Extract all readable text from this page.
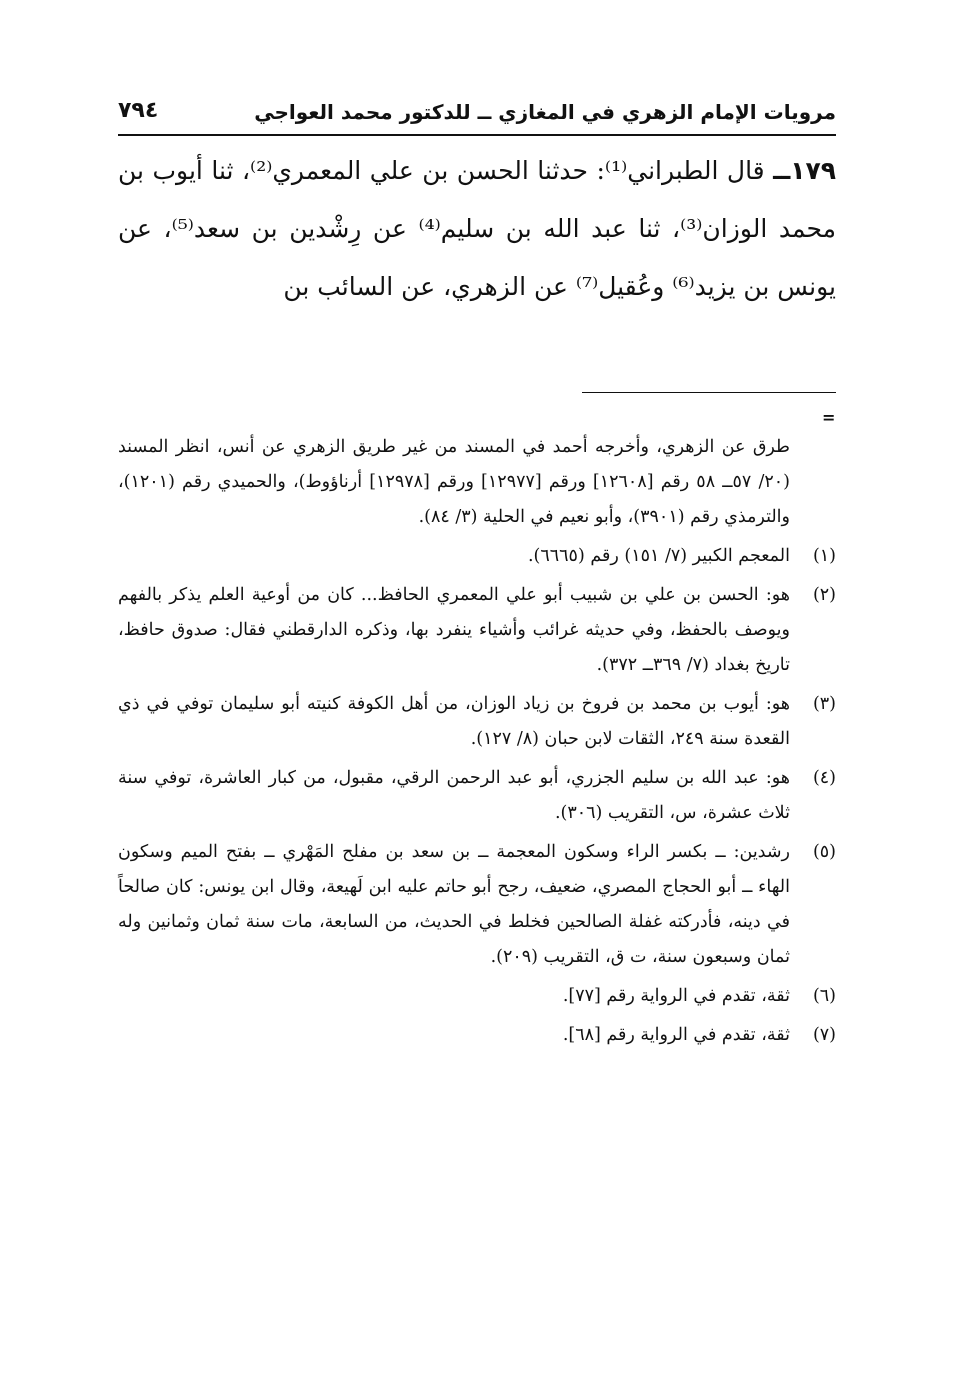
مرويات الإمام الزهري في المغازي ــ للدكتور محمد العواجي
٧٩٤
١٧٩ــ قال الطبراني⁽¹⁾: حدثنا الحسن بن علي المعمري⁽²⁾، ثنا أيوب بن محمد الوزان⁽³⁾، ثنا عبد الله بن سليم⁽⁴⁾ عن رِشْدين بن سعد⁽⁵⁾، عن يونس بن يزيد⁽⁶⁾ وعُقيل⁽⁷⁾ عن الزهري، عن السائب بن
=
طرق عن الزهري، وأخرجه أحمد في المسند من غير طريق الزهري عن أنس، انظر المسند (٢٠/ ٥٧ــ ٥٨ رقم [١٢٦٠٨] ورقم [١٢٩٧٧] ورقم [١٢٩٧٨] أرناؤوط)، والحميدي رقم (١٢٠١)، والترمذي رقم (٣٩٠١)، وأبو نعيم في الحلية (٣/ ٨٤).
(١)
المعجم الكبير (٧/ ١٥١) رقم (٦٦٦٥).
(٢)
هو: الحسن بن علي بن شبيب أبو علي المعمري الحافظ... كان من أوعية العلم يذكر بالفهم ويوصف بالحفظ، وفي حديثه غرائب وأشياء ينفرد بها، وذكره الدارقطني فقال: صدوق حافظ، تاريخ بغداد (٧/ ٣٦٩ــ ٣٧٢).
(٣)
هو: أيوب بن محمد بن فروخ بن زياد الوزان، من أهل الكوفة كنيته أبو سليمان توفي في ذي القعدة سنة ٢٤٩، الثقات لابن حبان (٨/ ١٢٧).
(٤)
هو: عبد الله بن سليم الجزري، أبو عبد الرحمن الرقي، مقبول، من كبار العاشرة، توفي سنة ثلاث عشرة، س، التقريب (٣٠٦).
(٥)
رشدين: ــ بكسر الراء وسكون المعجمة ــ بن سعد بن مفلح المَهْري ــ بفتح الميم وسكون الهاء ــ أبو الحجاج المصري، ضعيف، رجح أبو حاتم عليه ابن لَهيعة، وقال ابن يونس: كان صالحاً في دينه، فأدركته غفلة الصالحين فخلط في الحديث، من السابعة، مات سنة ثمان وثمانين وله ثمان وسبعون سنة، ت ق، التقريب (٢٠٩).
(٦)
ثقة، تقدم في الرواية رقم [٧٧].
(٧)
ثقة، تقدم في الرواية رقم [٦٨].
